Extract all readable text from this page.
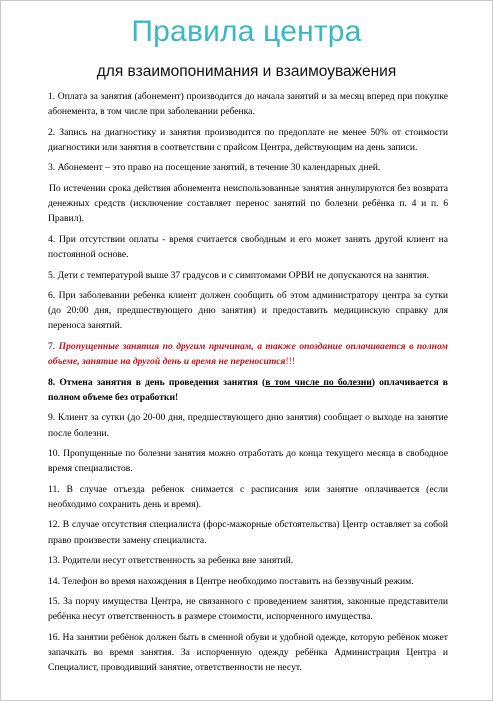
Правила центра
для взаимопонимания и взаимоуважения

1. Оплата за занятия (абонемент) производится до начала занятий и за месяц вперед при покупке абонемента, в том числе при заболевании ребенка.

2. Запись на диагностику и занятия производится по предоплате не менее 50% от стоимости диагностики или занятия в соответствии с прайсом Центра, действующим на день записи.

3. Абонемент – это право на посещение занятий, в течение 30 календарных дней.

По истечении срока действия абонемента неиспользованные занятия аннулируются без возврата денежных средств (исключение составляет перенос занятий по болезни ребёнка п. 4 и п. 6 Правил).

4. При отсутствии оплаты - время считается свободным и его может занять другой клиент на постоянной основе.

5. Дети с температурой выше 37 градусов и с симптомами ОРВИ не допускаются на занятия.

6. При заболевании ребенка клиент должен сообщить об этом администратору центра за сутки (до 20:00 дня, предшествующего дню занятия) и предоставить медицинскую справку для переноса занятий.

7. Пропущенные занятия по другим причинам, а также опоздание оплачивается в полном объеме, занятие на другой день и время не переносится!!!

8. Отмена занятия в день проведения занятия (в том числе по болезни) оплачивается в полном объеме без отработки!

9. Клиент за сутки (до 20-00 дня, предшествующего дню занятия) сообщает о выходе на занятие после болезни.

10. Пропущенные по болезни занятия можно отработать до конца текущего месяца в свободное время специалистов.

11. В случае отъезда ребенок снимается с расписания или занятие оплачивается (если необходимо сохранить день и время).

12. В случае отсутствия специалиста (форс-мажорные обстоятельства) Центр оставляет за собой право произвести замену специалиста.

13. Родители несут ответственность за ребенка вне занятий.

14. Телефон во время нахождения в Центре необходимо поставить на беззвучный режим.

15. За порчу имущества Центра, не связанного с проведением занятия, законные представители ребёнка несут ответственность в размере стоимости, испорченного имущества.

16. На занятии ребёнок должен быть в сменной обуви и удобной одежде, которую ребёнок может запачкать во время занятия. За испорченную одежду ребёнка Администрация Центра и Специалист, проводивший занятие, ответственности не несут.
